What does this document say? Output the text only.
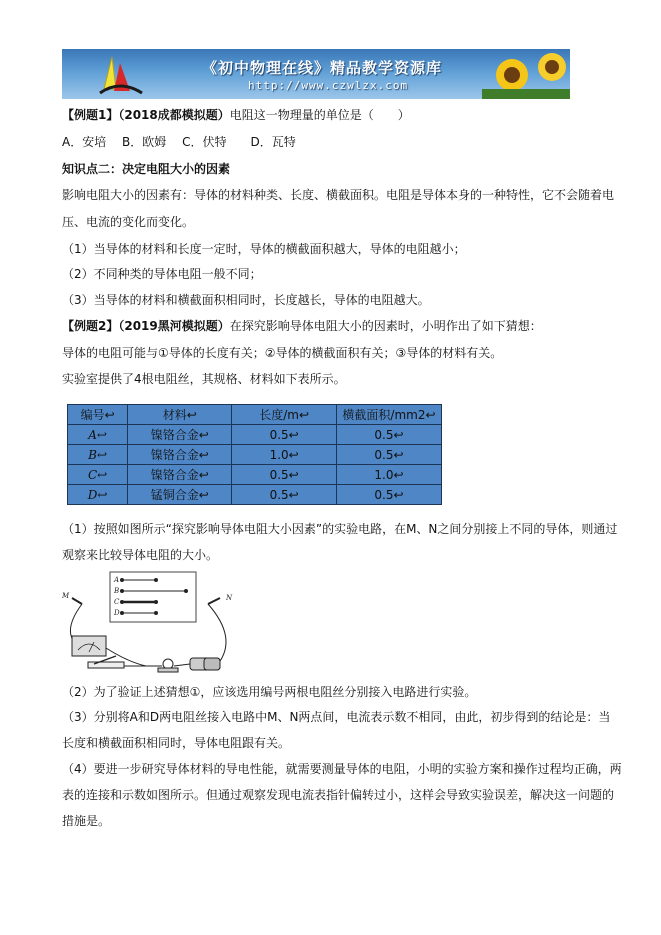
《初中物理在线》精品教学资源库
http://www.czwlzx.com
【例题1】（2018成都模拟题）电阻这一物理量的单位是（　　）
A．安培　 B．欧姆　 C．伏特　　D．瓦特
知识点二：决定电阻大小的因素
影响电阻大小的因素有：导体的材料种类、长度、横截面积。电阻是导体本身的一种特性，它不会随着电
压、电流的变化而变化。
（1）当导体的材料和长度一定时，导体的横截面积越大，导体的电阻越小；
（2）不同种类的导体电阻一般不同；
（3）当导体的材料和横截面积相同时，长度越长，导体的电阻越大。
【例题2】（2019黑河模拟题）在探究影响导体电阻大小的因素时，小明作出了如下猜想：
导体的电阻可能与①导体的长度有关；②导体的横截面积有关；③导体的材料有关。
实验室提供了4根电阻丝，其规格、材料如下表所示。
编号↩	材料↩	长度/m↩	横截面积/mm2↩
A↩	镍铬合金↩	0.5↩	0.5↩
B↩	镍铬合金↩	1.0↩	0.5↩
C↩	镍铬合金↩	0.5↩	1.0↩
D↩	锰铜合金↩	0.5↩	0.5↩
（1）按照如图所示“探究影响导体电阻大小因素”的实验电路，在M、N之间分别接上不同的导体，则通过
观察来比较导体电阻的大小。
A
B
C
D
M	N
（2）为了验证上述猜想①，应该选用编号两根电阻丝分别接入电路进行实验。
（3）分别将A和D两电阻丝接入电路中M、N两点间，电流表示数不相同，由此，初步得到的结论是：当
长度和横截面积相同时，导体电阻跟有关。
（4）要进一步研究导体材料的导电性能，就需要测量导体的电阻，小明的实验方案和操作过程均正确，两
表的连接和示数如图所示。但通过观察发现电流表指针偏转过小，这样会导致实验误差，解决这一问题的
措施是。
